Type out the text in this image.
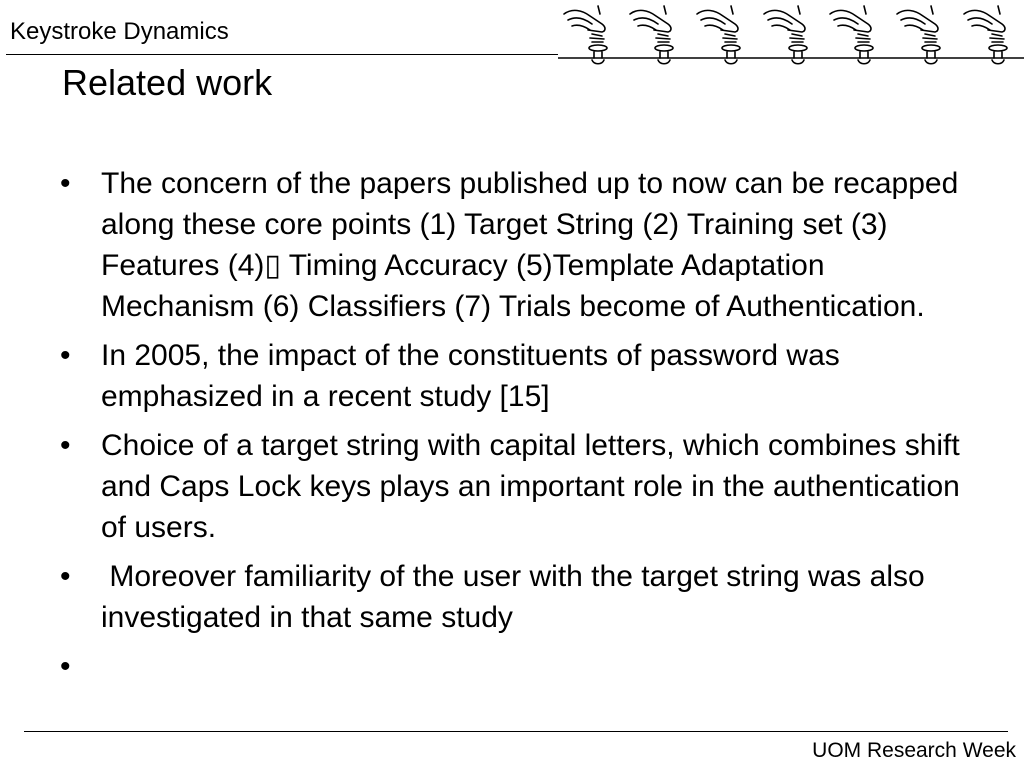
Keystroke Dynamics
Related work
•	The concern of the papers published up to now can be recapped along these core points (1) Target String (2) Training set (3) Features (4)▯ Timing Accuracy (5)Template Adaptation Mechanism (6) Classifiers (7) Trials become of Authentication.
•	In 2005, the impact of the constituents of password was emphasized in a recent study [15]
•	Choice of a target string with capital letters, which combines shift and Caps Lock keys plays an important role in the authentication of users.
•	Moreover familiarity of the user with the target string was also investigated in that same study
•
UOM Research Week
